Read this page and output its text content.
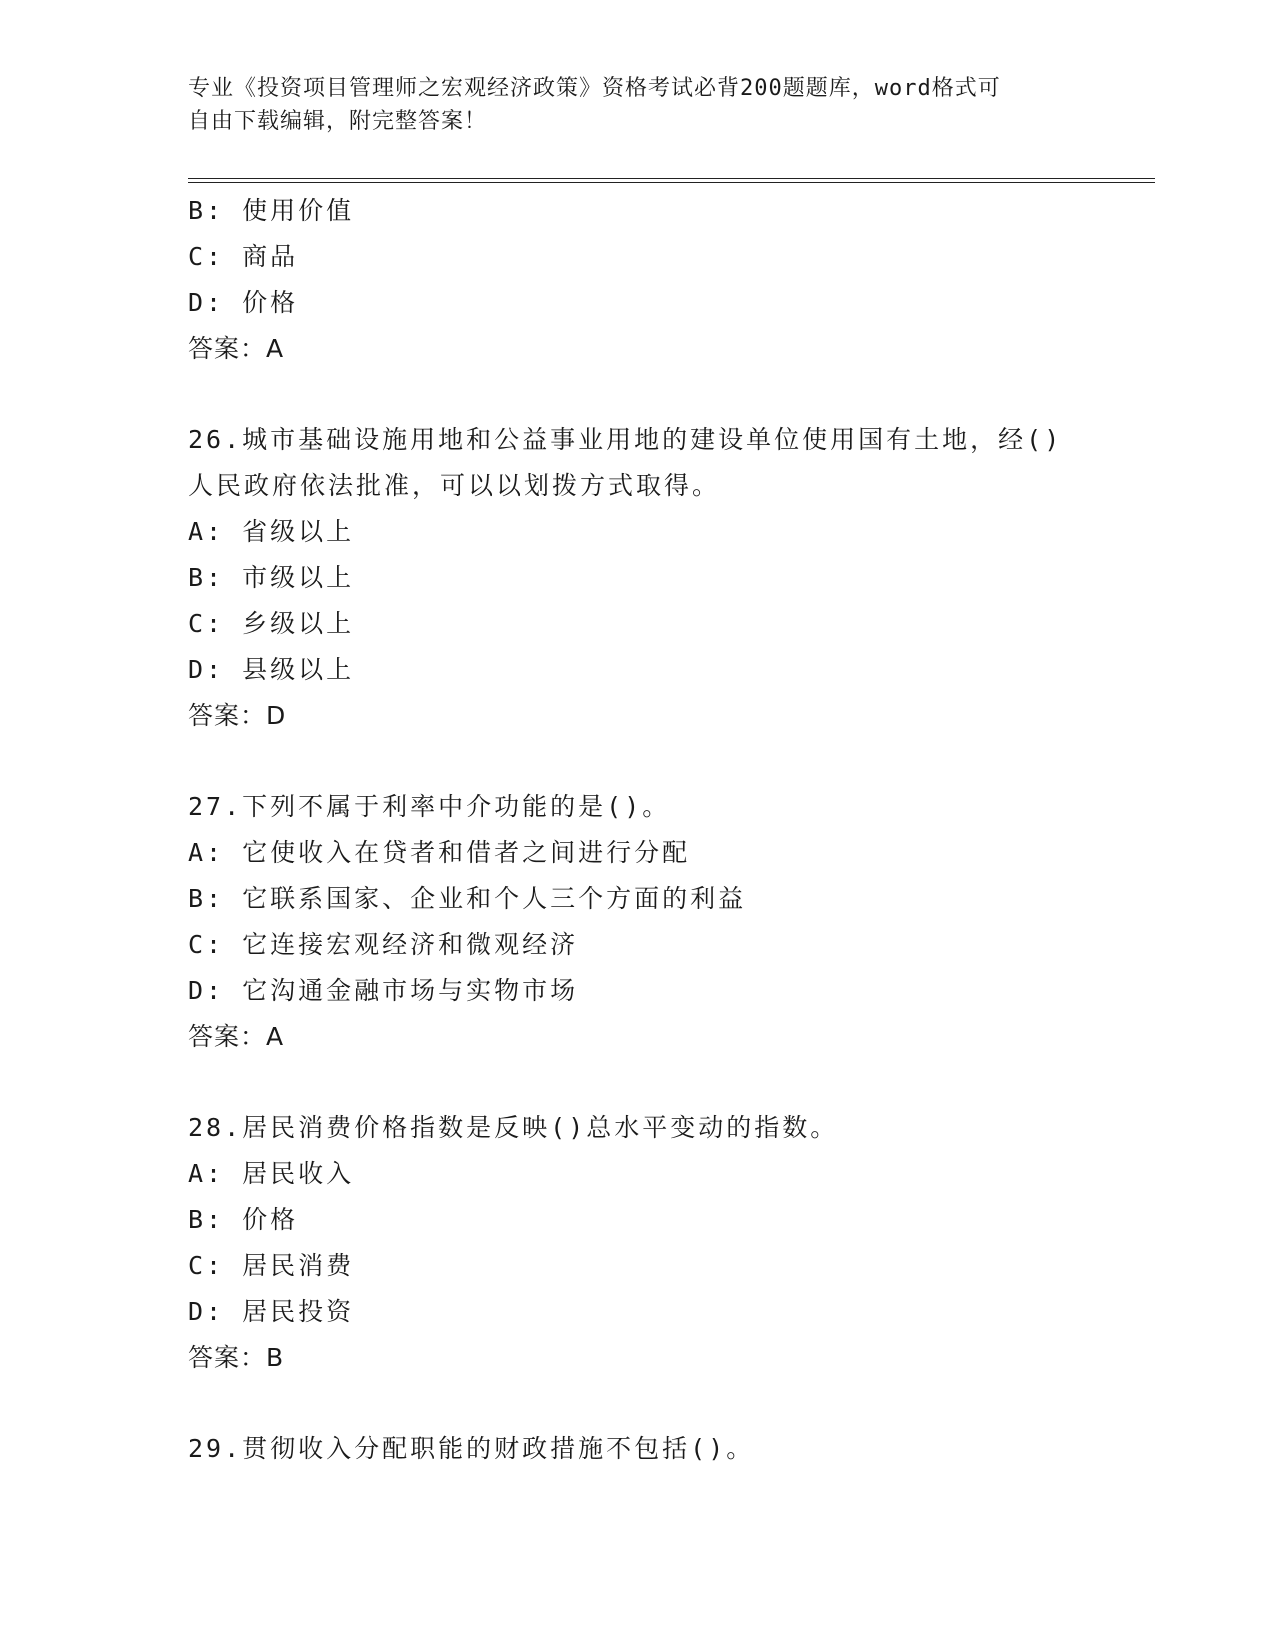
专业《投资项目管理师之宏观经济政策》资格考试必背200题题库，word格式可
自由下载编辑，附完整答案！
B: 使用价值
C: 商品
D: 价格
答案：A
26.城市基础设施用地和公益事业用地的建设单位使用国有土地，经()
人民政府依法批准，可以以划拨方式取得。
A: 省级以上
B: 市级以上
C: 乡级以上
D: 县级以上
答案：D
27.下列不属于利率中介功能的是()。
A: 它使收入在贷者和借者之间进行分配
B: 它联系国家、企业和个人三个方面的利益
C: 它连接宏观经济和微观经济
D: 它沟通金融市场与实物市场
答案：A
28.居民消费价格指数是反映()总水平变动的指数。
A: 居民收入
B: 价格
C: 居民消费
D: 居民投资
答案：B
29.贯彻收入分配职能的财政措施不包括()。
